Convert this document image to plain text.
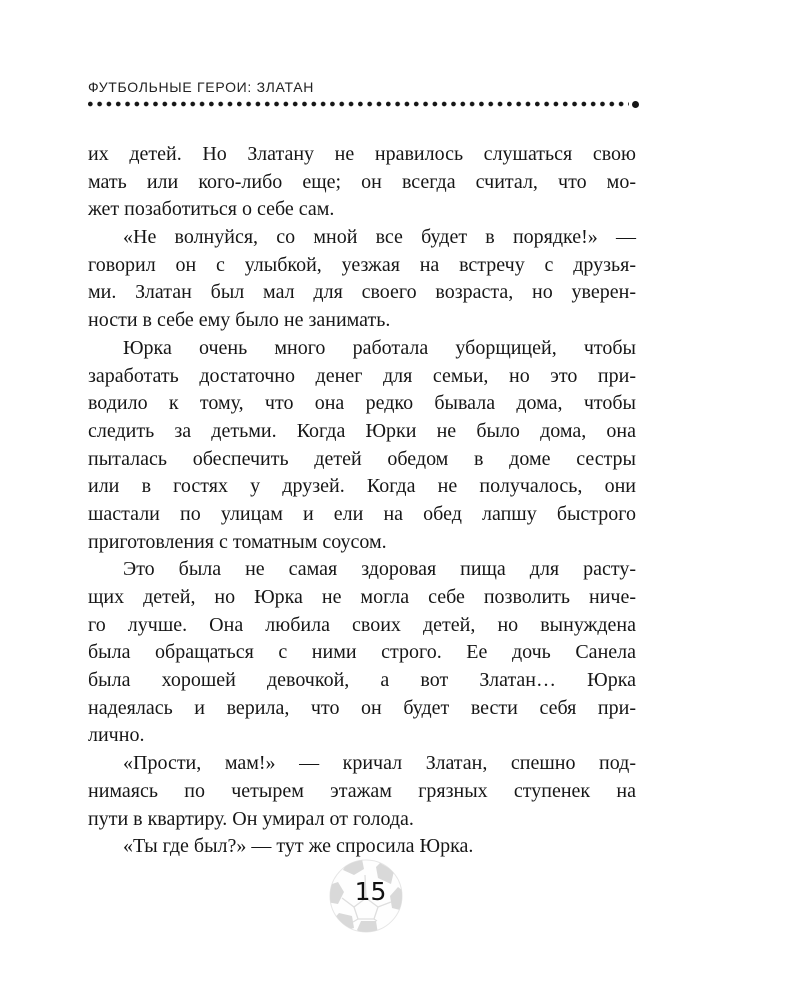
ФУТБОЛЬНЫЕ ГЕРОИ: ЗЛАТАН
их детей. Но Златану не нравилось слушаться свою
мать или кого-либо еще; он всегда считал, что мо-
жет позаботиться о себе сам.
«Не волнуйся, со мной все будет в порядке!» —
говорил он с улыбкой, уезжая на встречу с друзья-
ми. Златан был мал для своего возраста, но уверен-
ности в себе ему было не занимать.
Юрка очень много работала уборщицей, чтобы
заработать достаточно денег для семьи, но это при-
водило к тому, что она редко бывала дома, чтобы
следить за детьми. Когда Юрки не было дома, она
пыталась обеспечить детей обедом в доме сестры
или в гостях у друзей. Когда не получалось, они
шастали по улицам и ели на обед лапшу быстрого
приготовления с томатным соусом.
Это была не самая здоровая пища для расту-
щих детей, но Юрка не могла себе позволить ниче-
го лучше. Она любила своих детей, но вынуждена
была обращаться с ними строго. Ее дочь Санела
была хорошей девочкой, а вот Златан… Юрка
надеялась и верила, что он будет вести себя при-
лично.
«Прости, мам!» — кричал Златан, спешно под-
нимаясь по четырем этажам грязных ступенек на
пути в квартиру. Он умирал от голода.
«Ты где был?» — тут же спросила Юрка.
15
